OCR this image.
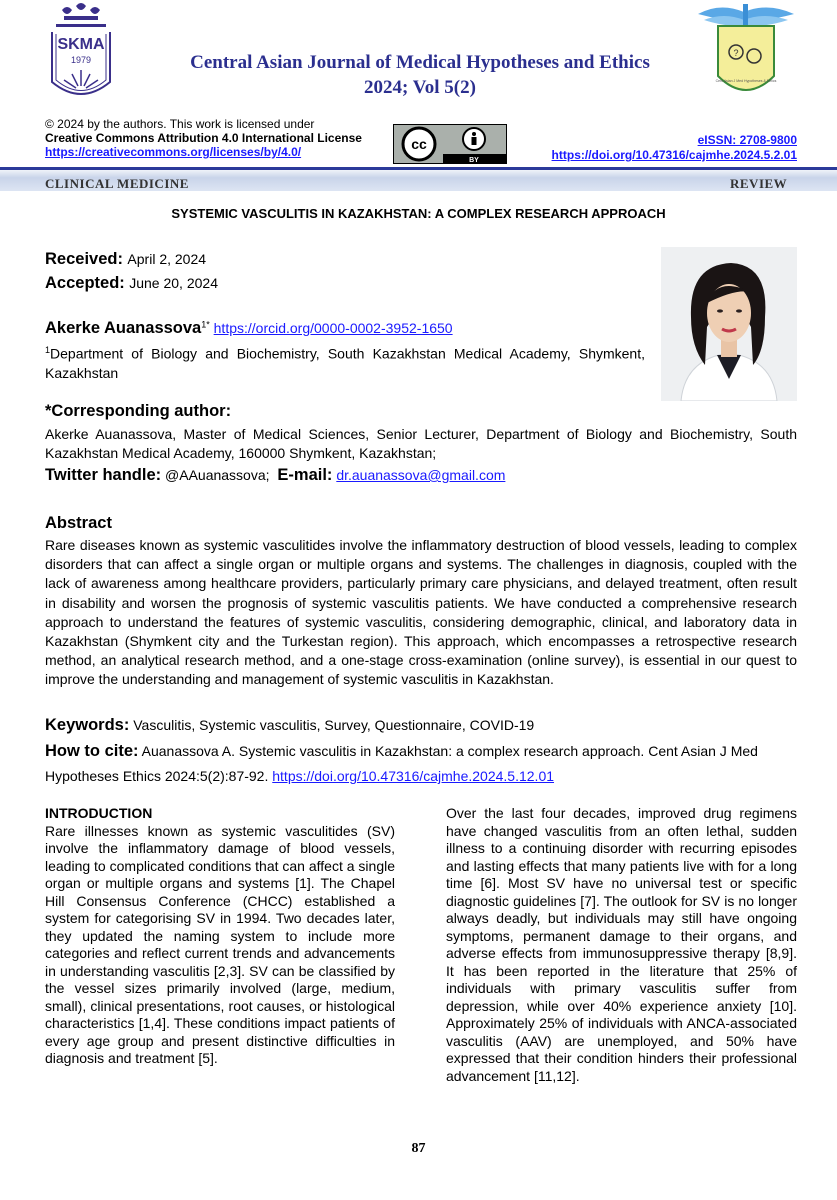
SKMA
1979	Central Asian Journal of Medical Hypotheses and Ethics
2024; Vol 5(2)
?
Cent Asian J Med Hypotheses & Ethics
© 2024 by the authors. This work is licensed under
Creative Commons Attribution 4.0 International License
https://creativecommons.org/licenses/by/4.0/	cc
BY
eISSN: 2708-9800
https://doi.org/10.47316/cajmhe.2024.5.2.01
CLINICAL MEDICINE	REVIEW
SYSTEMIC VASCULITIS IN KAZAKHSTAN: A COMPLEX RESEARCH APPROACH
Received: April 2, 2024
Accepted: June 20, 2024
Akerke Auanassova$^{1*}$ https://orcid.org/0000-0002-3952-1650
$^1$Department of Biology and Biochemistry, South Kazakhstan Medical Academy, Shymkent, Kazakhstan
*Corresponding author:
Akerke Auanassova, Master of Medical Sciences, Senior Lecturer, Department of Biology and Biochemistry, South Kazakhstan Medical Academy, 160000 Shymkent, Kazakhstan;
Twitter handle: @AAuanassova; E-mail: dr.auanassova@gmail.com
Abstract
Rare diseases known as systemic vasculitides involve the inflammatory destruction of blood vessels, leading to complex disorders that can affect a single organ or multiple organs and systems. The challenges in diagnosis, coupled with the lack of awareness among healthcare providers, particularly primary care physicians, and delayed treatment, often result in disability and worsen the prognosis of systemic vasculitis patients. We have conducted a comprehensive research approach to understand the features of systemic vasculitis, considering demographic, clinical, and laboratory data in Kazakhstan (Shymkent city and the Turkestan region). This approach, which encompasses a retrospective research method, an analytical research method, and a one-stage cross-examination (online survey), is essential in our quest to improve the understanding and management of systemic vasculitis in Kazakhstan.
Keywords: Vasculitis, Systemic vasculitis, Survey, Questionnaire, COVID-19
How to cite: Auanassova A. Systemic vasculitis in Kazakhstan: a complex research approach. Cent Asian J Med Hypotheses Ethics 2024:5(2):87-92. https://doi.org/10.47316/cajmhe.2024.5.12.01
INTRODUCTION
Rare illnesses known as systemic vasculitides (SV) involve the inflammatory damage of blood vessels, leading to complicated conditions that can affect a single organ or multiple organs and systems [1]. The Chapel Hill Consensus Conference (CHCC) established a system for categorising SV in 1994. Two decades later, they updated the naming system to include more categories and reflect current trends and advancements in understanding vasculitis [2,3]. SV can be classified by the vessel sizes primarily involved (large, medium, small), clinical presentations, root causes, or histological characteristics [1,4]. These conditions impact patients of every age group and present distinctive difficulties in diagnosis and treatment [5].
Over the last four decades, improved drug regimens have changed vasculitis from an often lethal, sudden illness to a continuing disorder with recurring episodes and lasting effects that many patients live with for a long time [6]. Most SV have no universal test or specific diagnostic guidelines [7]. The outlook for SV is no longer always deadly, but individuals may still have ongoing symptoms, permanent damage to their organs, and adverse effects from immunosuppressive therapy [8,9]. It has been reported in the literature that 25% of individuals with primary vasculitis suffer from depression, while over 40% experience anxiety [10]. Approximately 25% of individuals with ANCA-associated vasculitis (AAV) are unemployed, and 50% have expressed that their condition hinders their professional advancement [11,12].
87
